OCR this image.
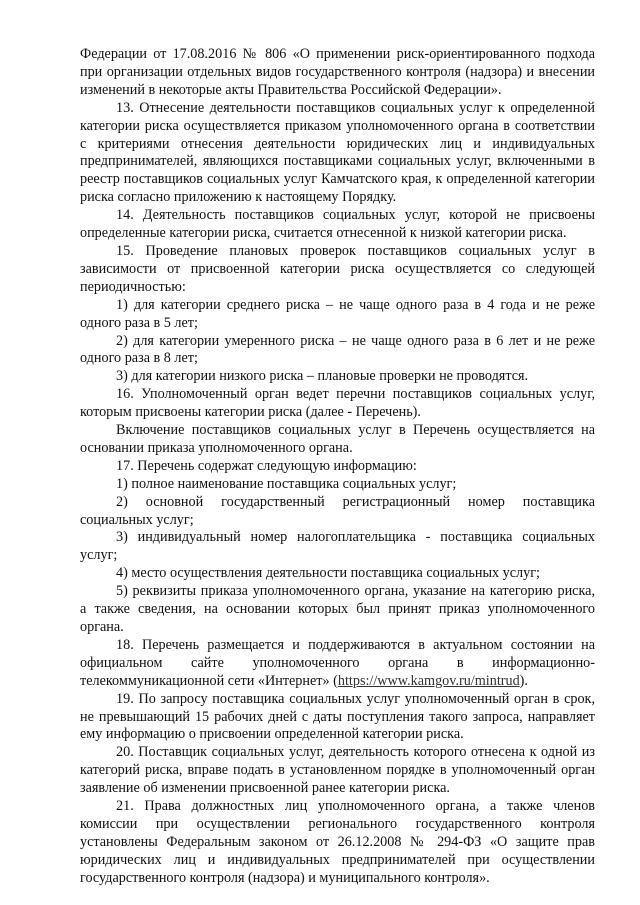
Федерации от 17.08.2016 № 806 «О применении риск-ориентированного подхода при организации отдельных видов государственного контроля (надзора) и внесении изменений в некоторые акты Правительства Российской Федерации».

13. Отнесение деятельности поставщиков социальных услуг к определенной категории риска осуществляется приказом уполномоченного органа в соответствии с критериями отнесения деятельности юридических лиц и индивидуальных предпринимателей, являющихся поставщиками социальных услуг, включенными в реестр поставщиков социальных услуг Камчатского края, к определенной категории риска согласно приложению к настоящему Порядку.

14. Деятельность поставщиков социальных услуг, которой не присвоены определенные категории риска, считается отнесенной к низкой категории риска.

15. Проведение плановых проверок поставщиков социальных услуг в зависимости от присвоенной категории риска осуществляется со следующей периодичностью:

1) для категории среднего риска – не чаще одного раза в 4 года и не реже одного раза в 5 лет;

2) для категории умеренного риска – не чаще одного раза в 6 лет и не реже одного раза в 8 лет;

3) для категории низкого риска – плановые проверки не проводятся.

16. Уполномоченный орган ведет перечни поставщиков социальных услуг, которым присвоены категории риска (далее - Перечень).

Включение поставщиков социальных услуг в Перечень осуществляется на основании приказа уполномоченного органа.

17. Перечень содержат следующую информацию:

1) полное наименование поставщика социальных услуг;

2) основной государственный регистрационный номер поставщика социальных услуг;

3) индивидуальный номер налогоплательщика - поставщика социальных услуг;

4) место осуществления деятельности поставщика социальных услуг;

5) реквизиты приказа уполномоченного органа, указание на категорию риска, а также сведения, на основании которых был принят приказ уполномоченного органа.

18. Перечень размещается и поддерживаются в актуальном состоянии на официальном сайте уполномоченного органа в информационно-телекоммуникационной сети «Интернет» (https://www.kamgov.ru/mintrud).

19. По запросу поставщика социальных услуг уполномоченный орган в срок, не превышающий 15 рабочих дней с даты поступления такого запроса, направляет ему информацию о присвоении определенной категории риска.

20. Поставщик социальных услуг, деятельность которого отнесена к одной из категорий риска, вправе подать в установленном порядке в уполномоченный орган заявление об изменении присвоенной ранее категории риска.

21. Права должностных лиц уполномоченного органа, а также членов комиссии при осуществлении регионального государственного контроля установлены Федеральным законом от 26.12.2008 № 294-ФЗ «О защите прав юридических лиц и индивидуальных предпринимателей при осуществлении государственного контроля (надзора) и муниципального контроля».
